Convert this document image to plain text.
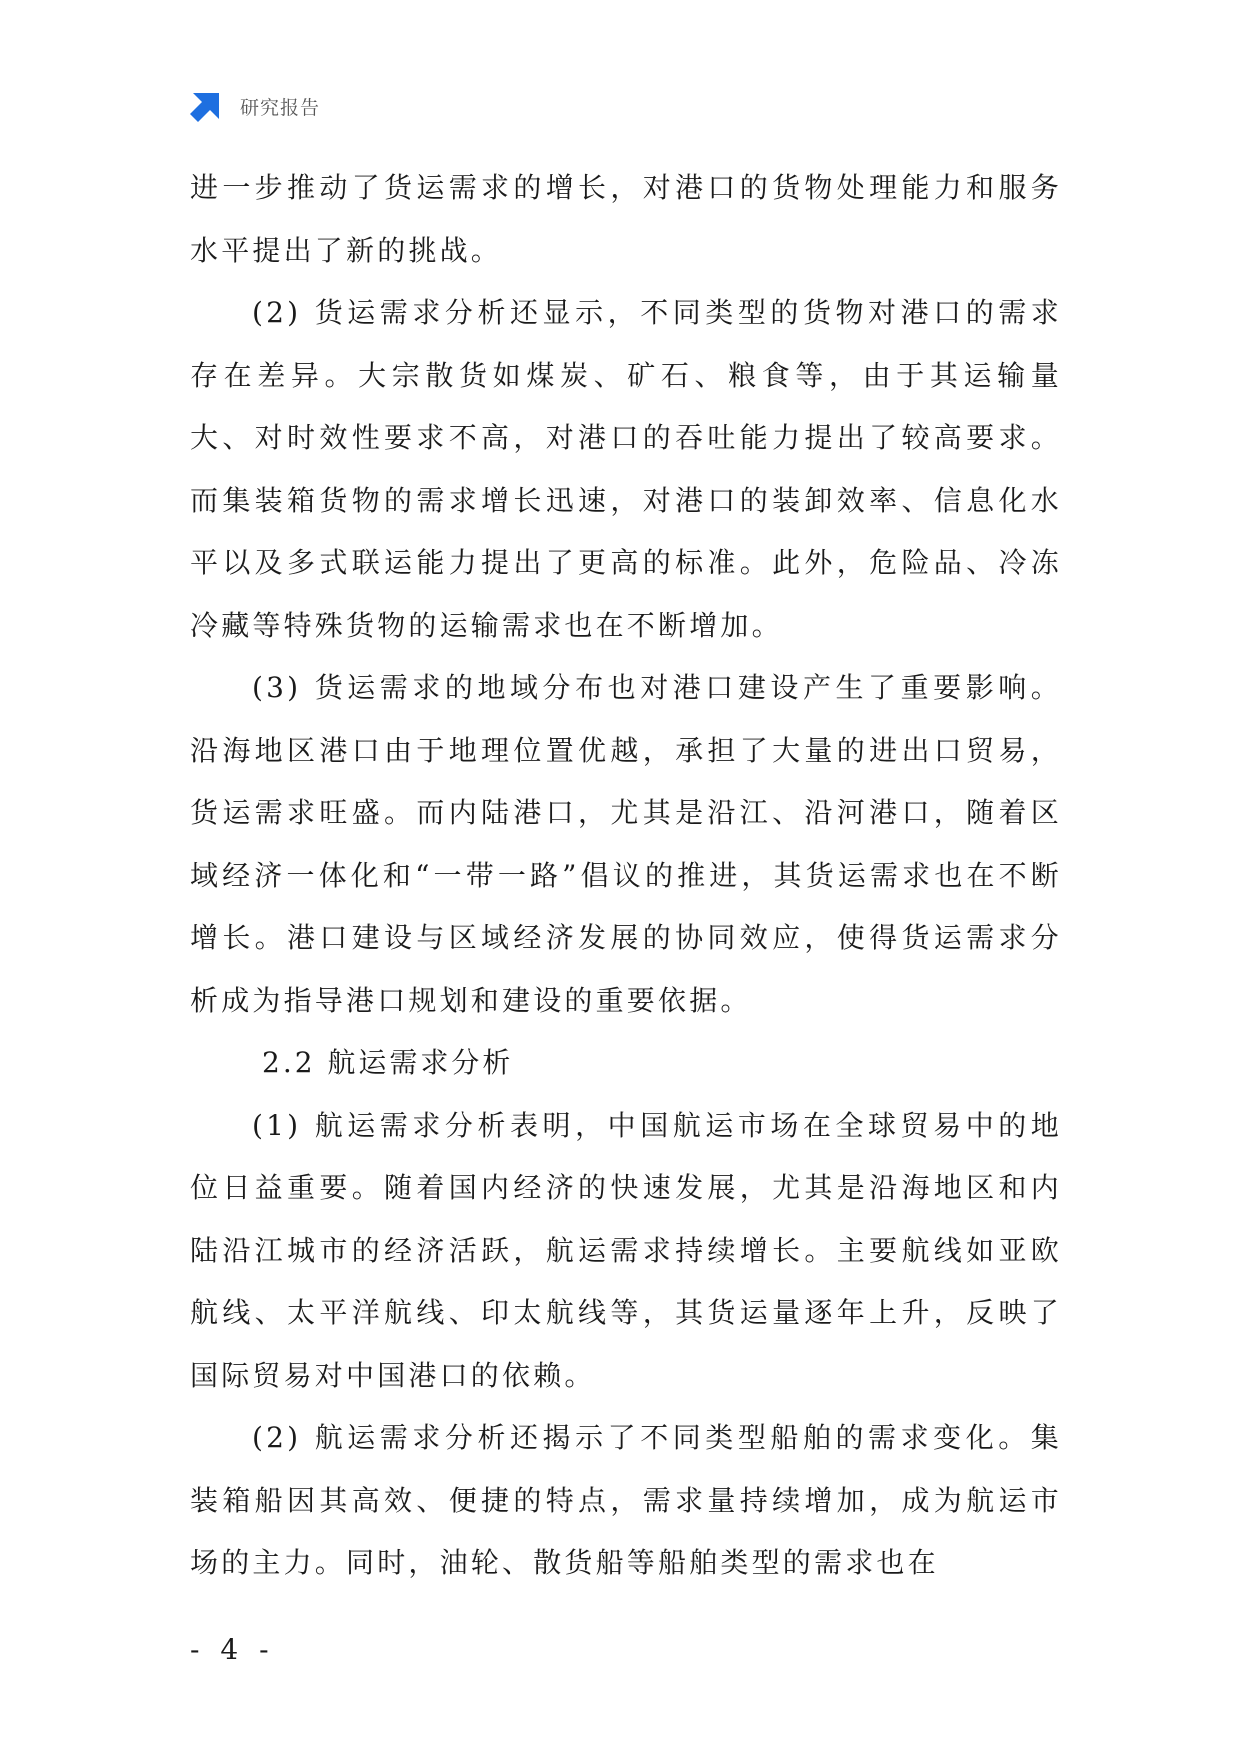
研究报告

进一步推动了货运需求的增长，对港口的货物处理能力和服务水平提出了新的挑战。

(2) 货运需求分析还显示，不同类型的货物对港口的需求存在差异。大宗散货如煤炭、矿石、粮食等，由于其运输量大、对时效性要求不高，对港口的吞吐能力提出了较高要求。而集装箱货物的需求增长迅速，对港口的装卸效率、信息化水平以及多式联运能力提出了更高的标准。此外，危险品、冷冻冷藏等特殊货物的运输需求也在不断增加。

(3) 货运需求的地域分布也对港口建设产生了重要影响。沿海地区港口由于地理位置优越，承担了大量的进出口贸易，货运需求旺盛。而内陆港口，尤其是沿江、沿河港口，随着区域经济一体化和“一带一路”倡议的推进，其货运需求也在不断增长。港口建设与区域经济发展的协同效应，使得货运需求分析成为指导港口规划和建设的重要依据。

2.2 航运需求分析

(1) 航运需求分析表明，中国航运市场在全球贸易中的地位日益重要。随着国内经济的快速发展，尤其是沿海地区和内陆沿江城市的经济活跃，航运需求持续增长。主要航线如亚欧航线、太平洋航线、印太航线等，其货运量逐年上升，反映了国际贸易对中国港口的依赖。

(2) 航运需求分析还揭示了不同类型船舶的需求变化。集装箱船因其高效、便捷的特点，需求量持续增加，成为航运市场的主力。同时，油轮、散货船等船舶类型的需求也在

- 4 -
